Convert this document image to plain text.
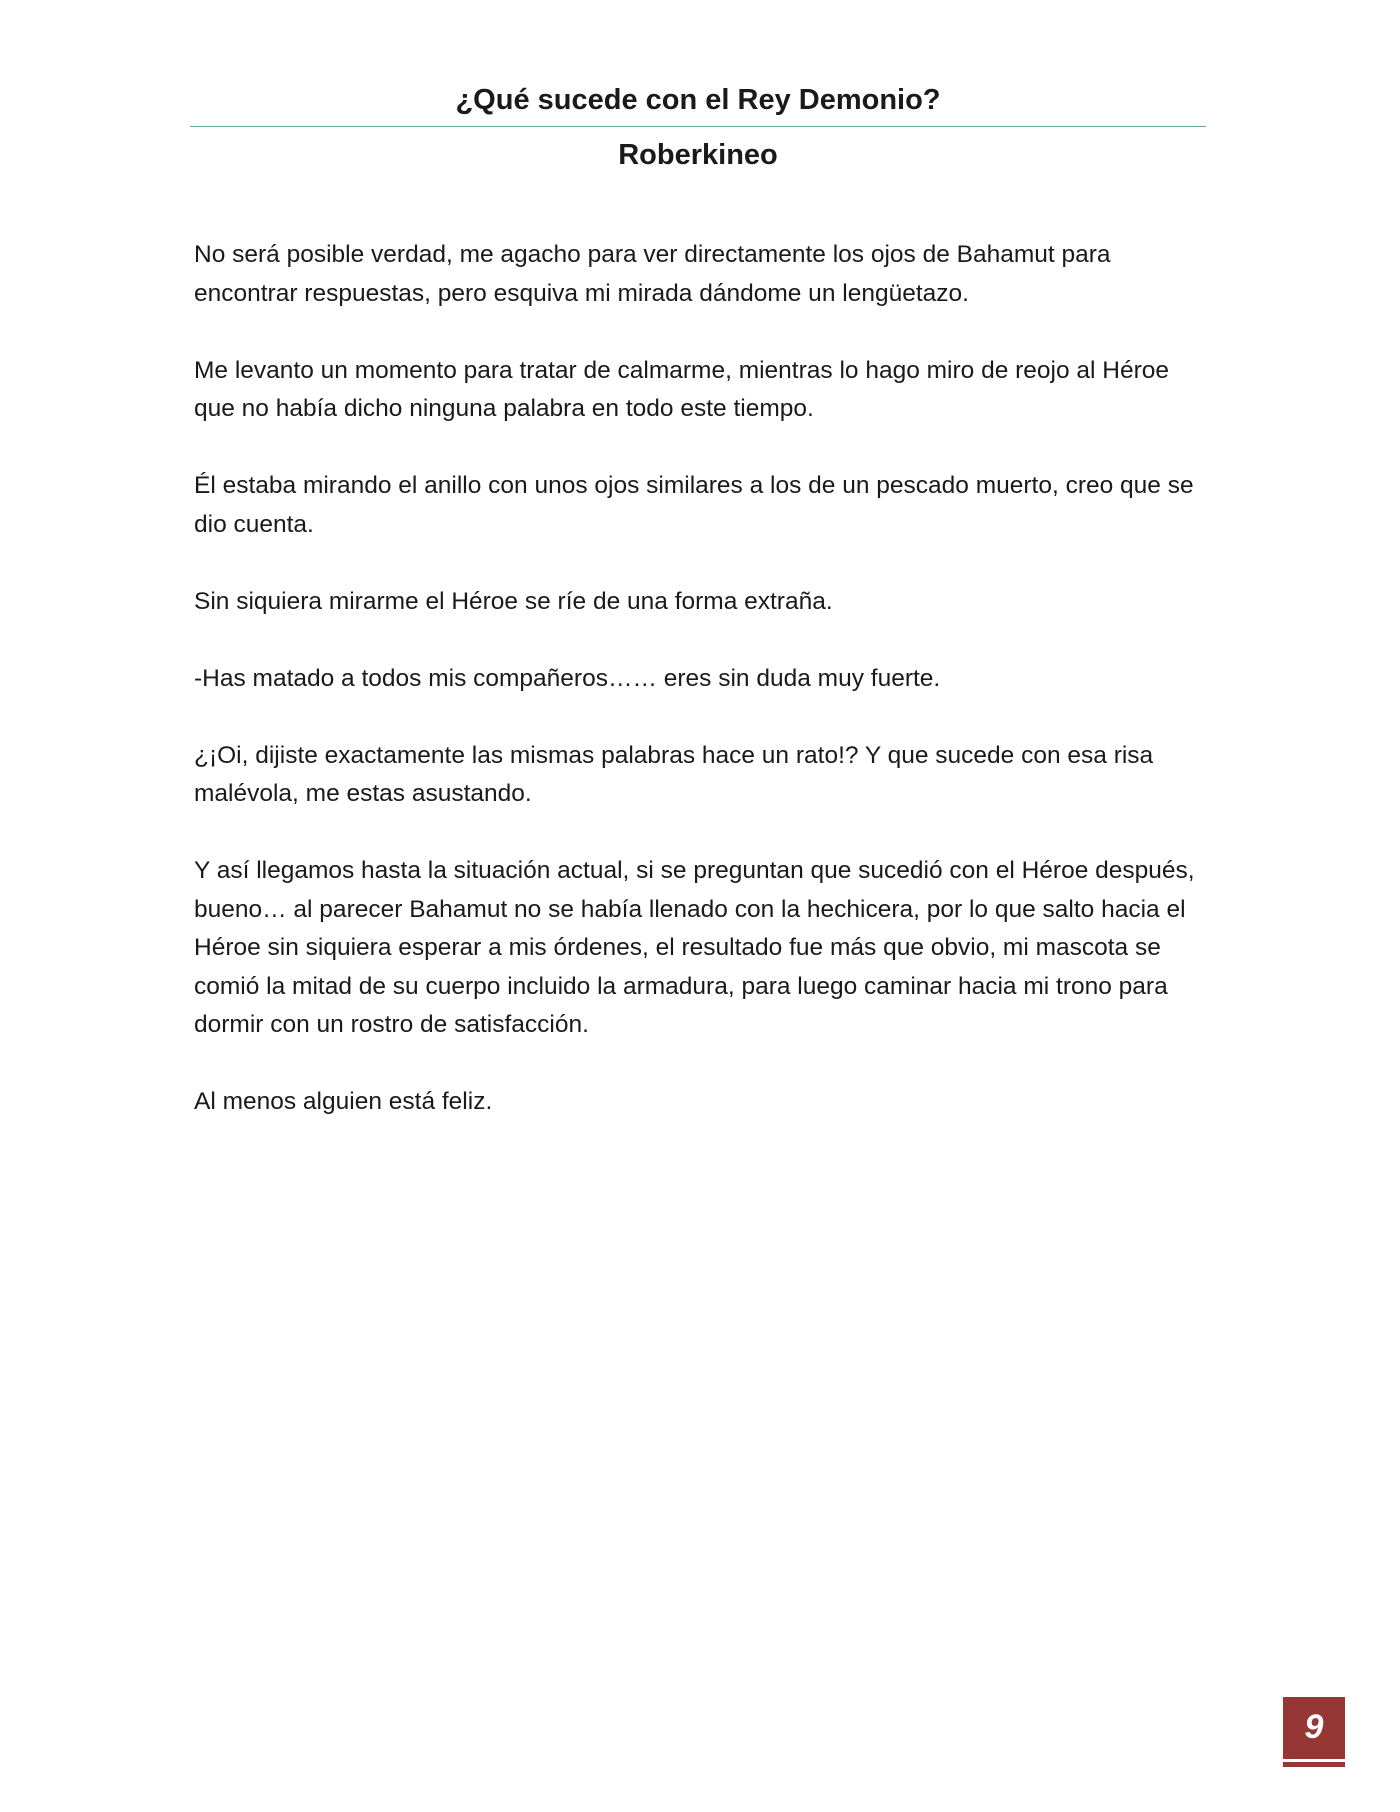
¿Qué sucede con el Rey Demonio?
Roberkineo

No será posible verdad, me agacho para ver directamente los ojos de Bahamut para encontrar respuestas, pero esquiva mi mirada dándome un lengüetazo.

Me levanto un momento para tratar de calmarme, mientras lo hago miro de reojo al Héroe que no había dicho ninguna palabra en todo este tiempo.

Él estaba mirando el anillo con unos ojos similares a los de un pescado muerto, creo que se dio cuenta.

Sin siquiera mirarme el Héroe se ríe de una forma extraña.

-Has matado a todos mis compañeros…… eres sin duda muy fuerte.

¿¡Oi, dijiste exactamente las mismas palabras hace un rato!? Y que sucede con esa risa malévola, me estas asustando.

Y así llegamos hasta la situación actual, si se preguntan que sucedió con el Héroe después, bueno… al parecer Bahamut no se había llenado con la hechicera, por lo que salto hacia el Héroe sin siquiera esperar a mis órdenes, el resultado fue más que obvio, mi mascota se comió la mitad de su cuerpo incluido la armadura, para luego caminar hacia mi trono para dormir con un rostro de satisfacción.

Al menos alguien está feliz.

9
